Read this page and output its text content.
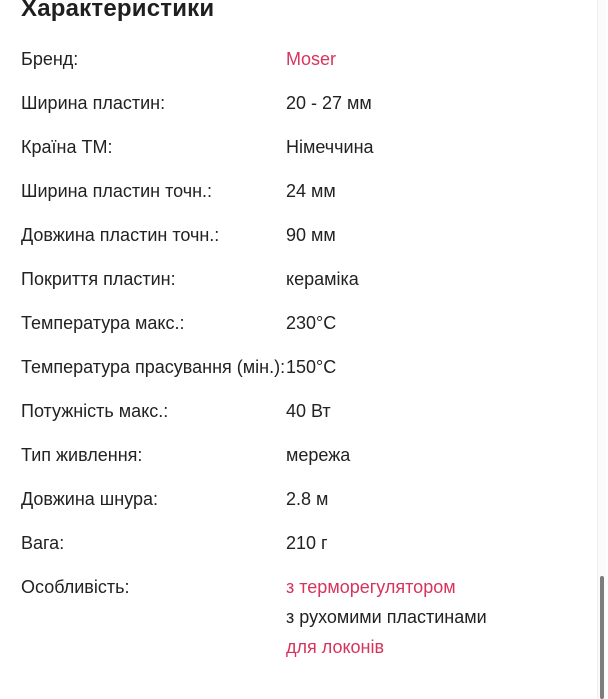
Характеристики
Бренд:	Moser
Ширина пластин:	20 - 27 мм
Країна ТМ:	Німеччина
Ширина пластин точн.:	24 мм
Довжина пластин точн.:	90 мм
Покриття пластин:	кераміка
Температура макс.:	230°C
Температура прасування (мін.): 150°C
Потужність макс.:	40 Вт
Тип живлення:	мережа
Довжина шнура:	2.8 м
Вага:	210 г
Особливість:	з терморегулятором
з рухомими пластинами
для локонів
